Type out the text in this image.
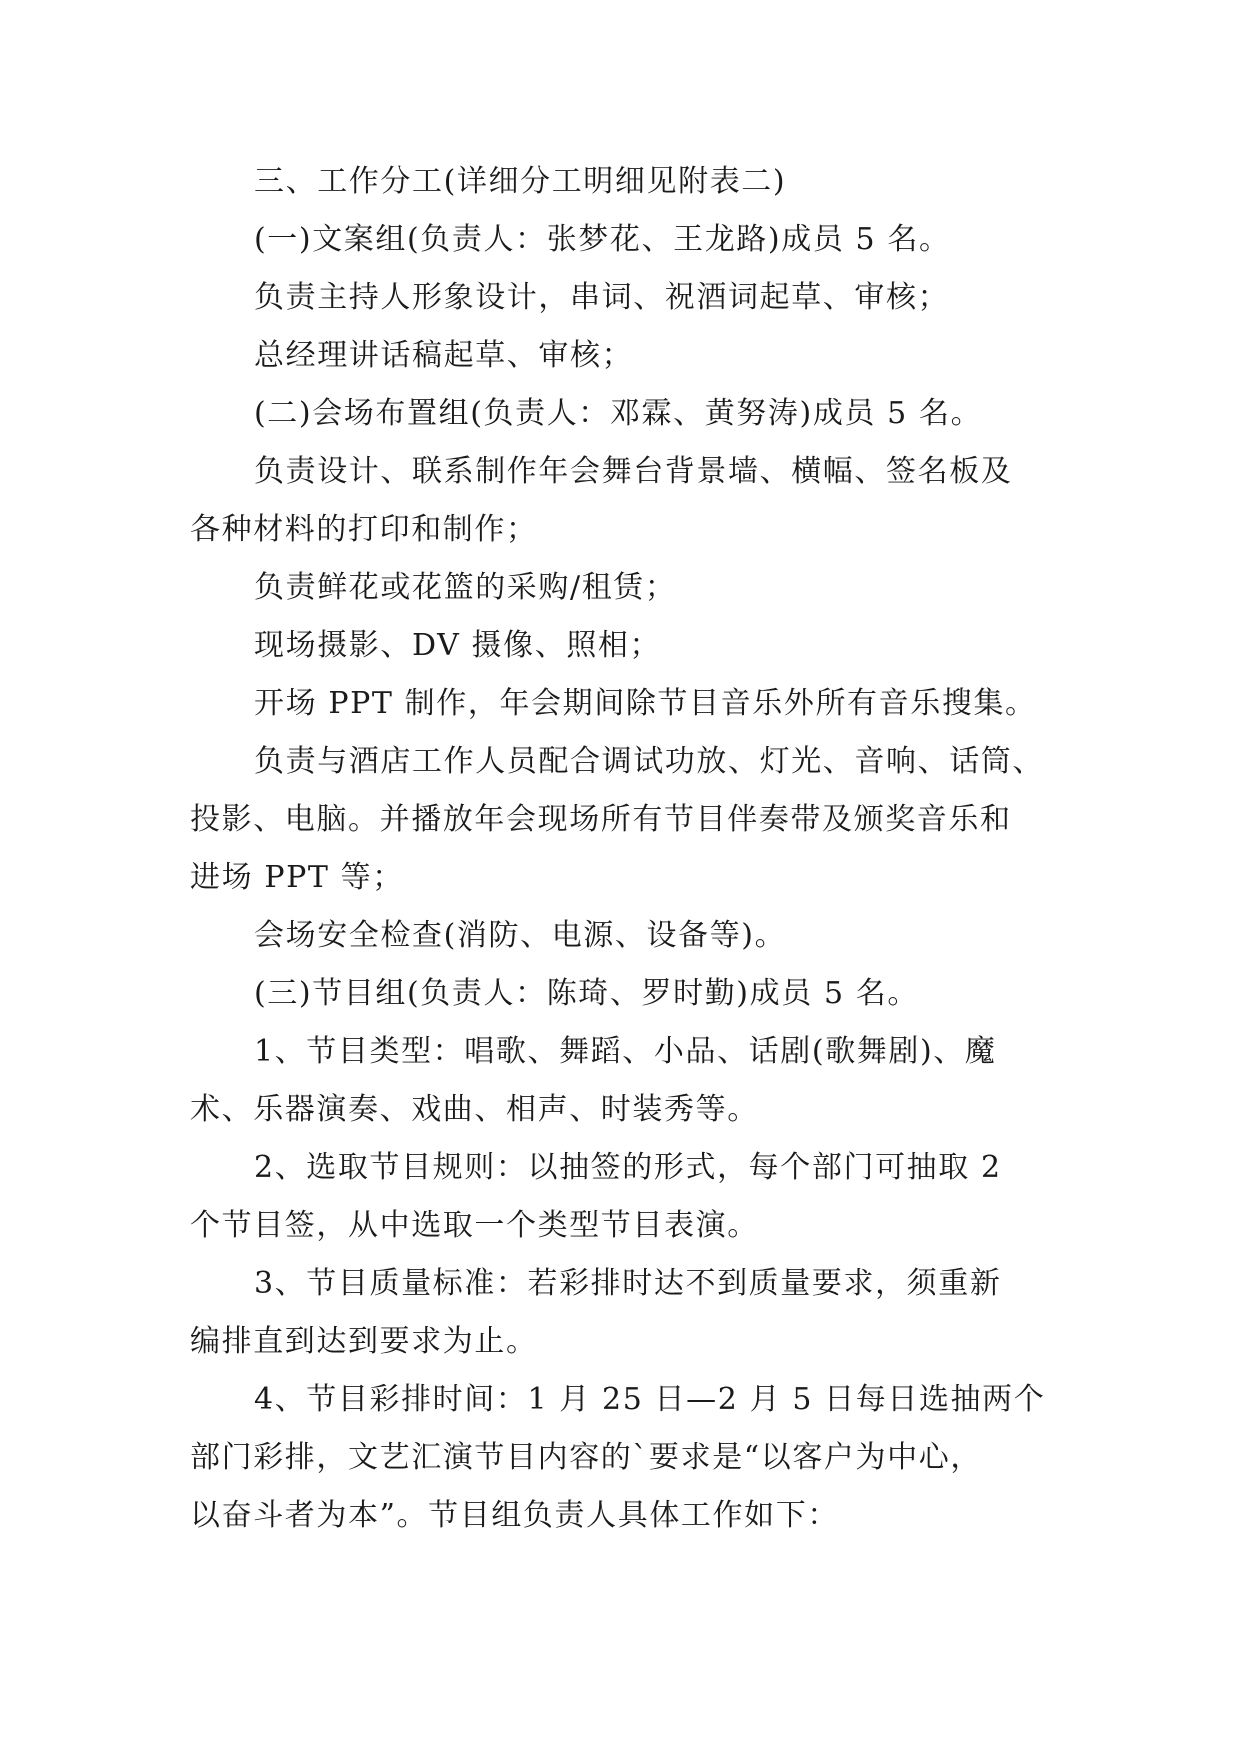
三、工作分工(详细分工明细见附表二)

(一)文案组(负责人：张梦花、王龙路)成员 5 名。

负责主持人形象设计，串词、祝酒词起草、审核；

总经理讲话稿起草、审核；

(二)会场布置组(负责人：邓霖、黄努涛)成员 5 名。

负责设计、联系制作年会舞台背景墙、横幅、签名板及
各种材料的打印和制作；

负责鲜花或花篮的采购/租赁；

现场摄影、DV 摄像、照相；

开场 PPT 制作，年会期间除节目音乐外所有音乐搜集。

负责与酒店工作人员配合调试功放、灯光、音响、话筒、
投影、电脑。并播放年会现场所有节目伴奏带及颁奖音乐和
进场 PPT 等；

会场安全检查(消防、电源、设备等)。

(三)节目组(负责人：陈琦、罗时勤)成员 5 名。

1、节目类型：唱歌、舞蹈、小品、话剧(歌舞剧)、魔
术、乐器演奏、戏曲、相声、时装秀等。

2、选取节目规则：以抽签的形式，每个部门可抽取 2
个节目签，从中选取一个类型节目表演。

3、节目质量标准：若彩排时达不到质量要求，须重新
编排直到达到要求为止。

4、节目彩排时间：1 月 25 日—2 月 5 日每日选抽两个
部门彩排，文艺汇演节目内容的`要求是“以客户为中心，
以奋斗者为本”。节目组负责人具体工作如下：
